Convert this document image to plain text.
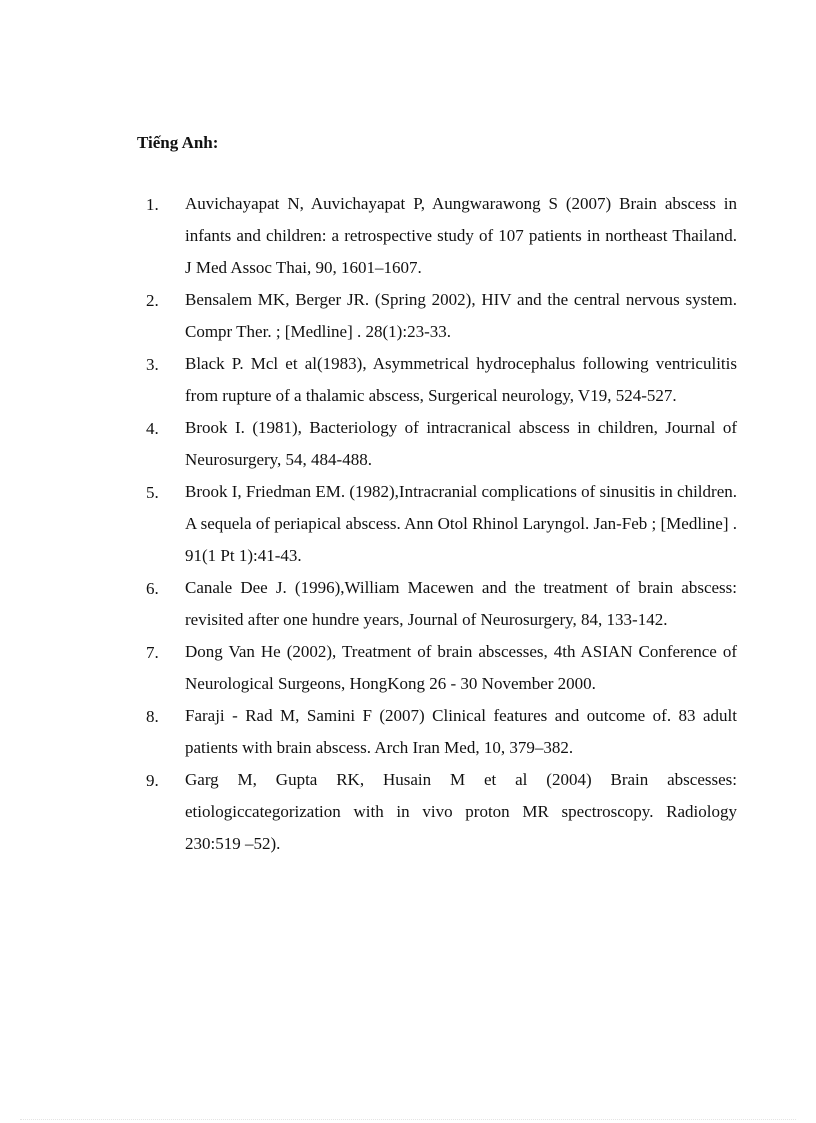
Tiếng Anh:
1.	Auvichayapat N, Auvichayapat P, Aungwarawong S (2007) Brain abscess in infants and children: a retrospective study of 107 patients in northeast Thailand. J Med Assoc Thai, 90, 1601–1607.
2.	Bensalem MK, Berger JR. (Spring 2002), HIV and the central nervous system. Compr Ther. ; [Medline] . 28(1):23-33.
3.	Black P. Mcl et al(1983), Asymmetrical hydrocephalus following ventriculitis from rupture of a thalamic abscess, Surgerical neurology, V19, 524-527.
4.	Brook I. (1981), Bacteriology of intracranical abscess in children, Journal of Neurosurgery, 54, 484-488.
5.	Brook I, Friedman EM. (1982),Intracranial complications of sinusitis in children. A sequela of periapical abscess. Ann Otol Rhinol Laryngol. Jan-Feb ; [Medline] . 91(1 Pt 1):41-43.
6.	Canale Dee J. (1996),William Macewen and the treatment of brain abscess: revisited after one hundre years, Journal of Neurosurgery, 84, 133-142.
7.	Dong Van He (2002), Treatment of brain abscesses, 4th ASIAN Conference of Neurological Surgeons, HongKong 26 - 30 November 2000.
8.	Faraji - Rad M, Samini F (2007) Clinical features and outcome of. 83 adult patients with brain abscess. Arch Iran Med, 10, 379–382.
9.	Garg M, Gupta RK, Husain M et al (2004) Brain abscesses: etiologiccategorization with in vivo proton MR spectroscopy. Radiology 230:519 –52).
